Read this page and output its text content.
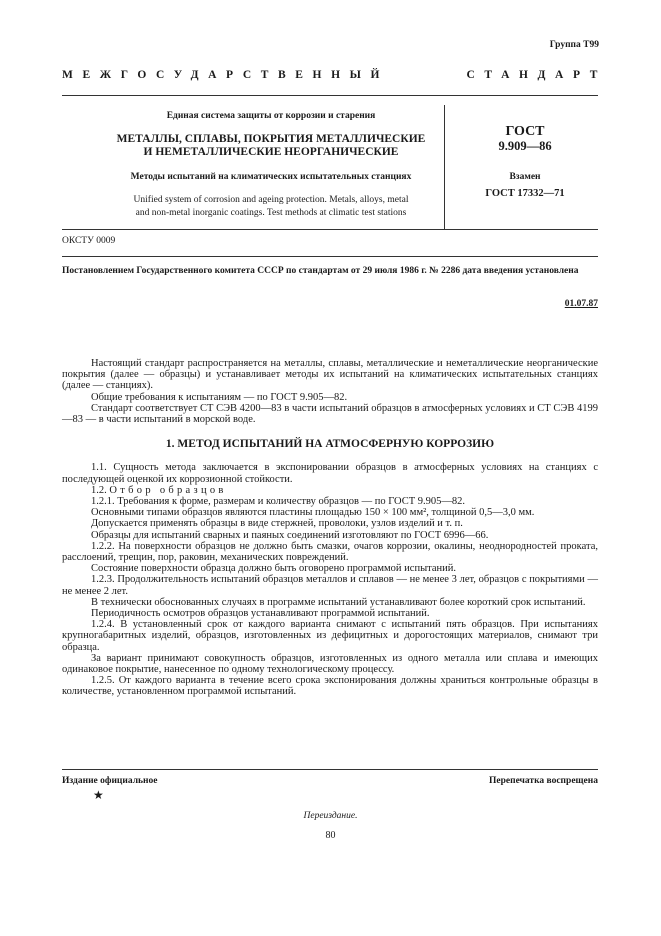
Группа Т99
МЕЖГОСУДАРСТВЕННЫЙ	СТАНДАРТ
Единая система защиты от коррозии и старения
МЕТАЛЛЫ, СПЛАВЫ, ПОКРЫТИЯ МЕТАЛЛИЧЕСКИЕ
И НЕМЕТАЛЛИЧЕСКИЕ НЕОРГАНИЧЕСКИЕ
Методы испытаний на климатических испытательных станциях
Unified system of corrosion and ageing protection. Metals, alloys, metal
and non-metal inorganic coatings. Test methods at climatic test stations
ГОСТ
9.909—86
Взамен
ГОСТ 17332—71
ОКСТУ 0009
Постановлением Государственного комитета СССР по стандартам от 29 июля 1986 г. № 2286 дата введения установлена
01.07.87

Настоящий стандарт распространяется на металлы, сплавы, металлические и неметаллические неорганические покрытия (далее — образцы) и устанавливает методы их испытаний на климатических испытательных станциях (далее — станциях).

Общие требования к испытаниям — по ГОСТ 9.905—82.

Стандарт соответствует СТ СЭВ 4200—83 в части испытаний образцов в атмосферных условиях и СТ СЭВ 4199—83 — в части испытаний в морской воде.

1. МЕТОД ИСПЫТАНИЙ НА АТМОСФЕРНУЮ КОРРОЗИЮ

1.1. Сущность метода заключается в экспонировании образцов в атмосферных условиях на станциях с последующей оценкой их коррозионной стойкости.

1.2. Отбор образцов

1.2.1. Требования к форме, размерам и количеству образцов — по ГОСТ 9.905—82.

Основными типами образцов являются пластины площадью 150 × 100 мм², толщиной 0,5—3,0 мм.

Допускается применять образцы в виде стержней, проволоки, узлов изделий и т. п.

Образцы для испытаний сварных и паяных соединений изготовляют по ГОСТ 6996—66.

1.2.2. На поверхности образцов не должно быть смазки, очагов коррозии, окалины, неоднородностей проката, расслоений, трещин, пор, раковин, механических повреждений.

Состояние поверхности образца должно быть оговорено программой испытаний.

1.2.3. Продолжительность испытаний образцов металлов и сплавов — не менее 3 лет, образцов с покрытиями — не менее 2 лет.

В технически обоснованных случаях в программе испытаний устанавливают более короткий срок испытаний.

Периодичность осмотров образцов устанавливают программой испытаний.

1.2.4. В установленный срок от каждого варианта снимают с испытаний пять образцов. При испытаниях крупногабаритных изделий, образцов, изготовленных из дефицитных и дорогостоящих материалов, снимают три образца.

За вариант принимают совокупность образцов, изготовленных из одного металла или сплава и имеющих одинаковое покрытие, нанесенное по одному технологическому процессу.

1.2.5. От каждого варианта в течение всего срока экспонирования должны храниться контрольные образцы в количестве, установленном программой испытаний.

Издание официальное
★
Перепечатка воспрещена
Переиздание.
80
